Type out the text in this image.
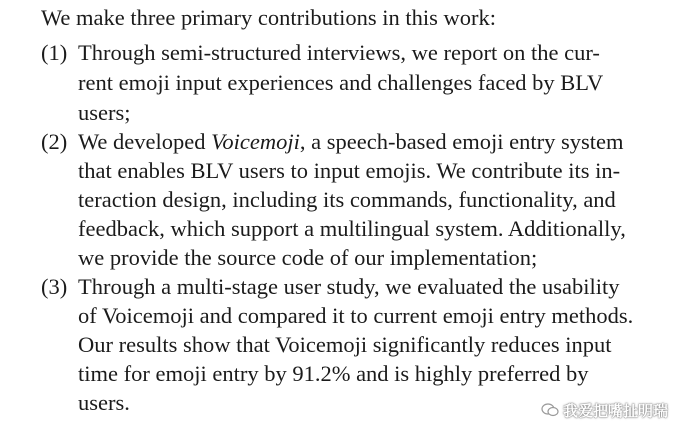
We make three primary contributions in this work:
(1) Through semi-structured interviews, we report on the cur-
rent emoji input experiences and challenges faced by BLV
users;
(2) We developed Voicemoji, a speech-based emoji entry system
that enables BLV users to input emojis. We contribute its in-
teraction design, including its commands, functionality, and
feedback, which support a multilingual system. Additionally,
we provide the source code of our implementation;
(3) Through a multi-stage user study, we evaluated the usability
of Voicemoji and compared it to current emoji entry methods.
Our results show that Voicemoji significantly reduces input
time for emoji entry by 91.2% and is highly preferred by
users.	我爱把嘴扯明瑞
